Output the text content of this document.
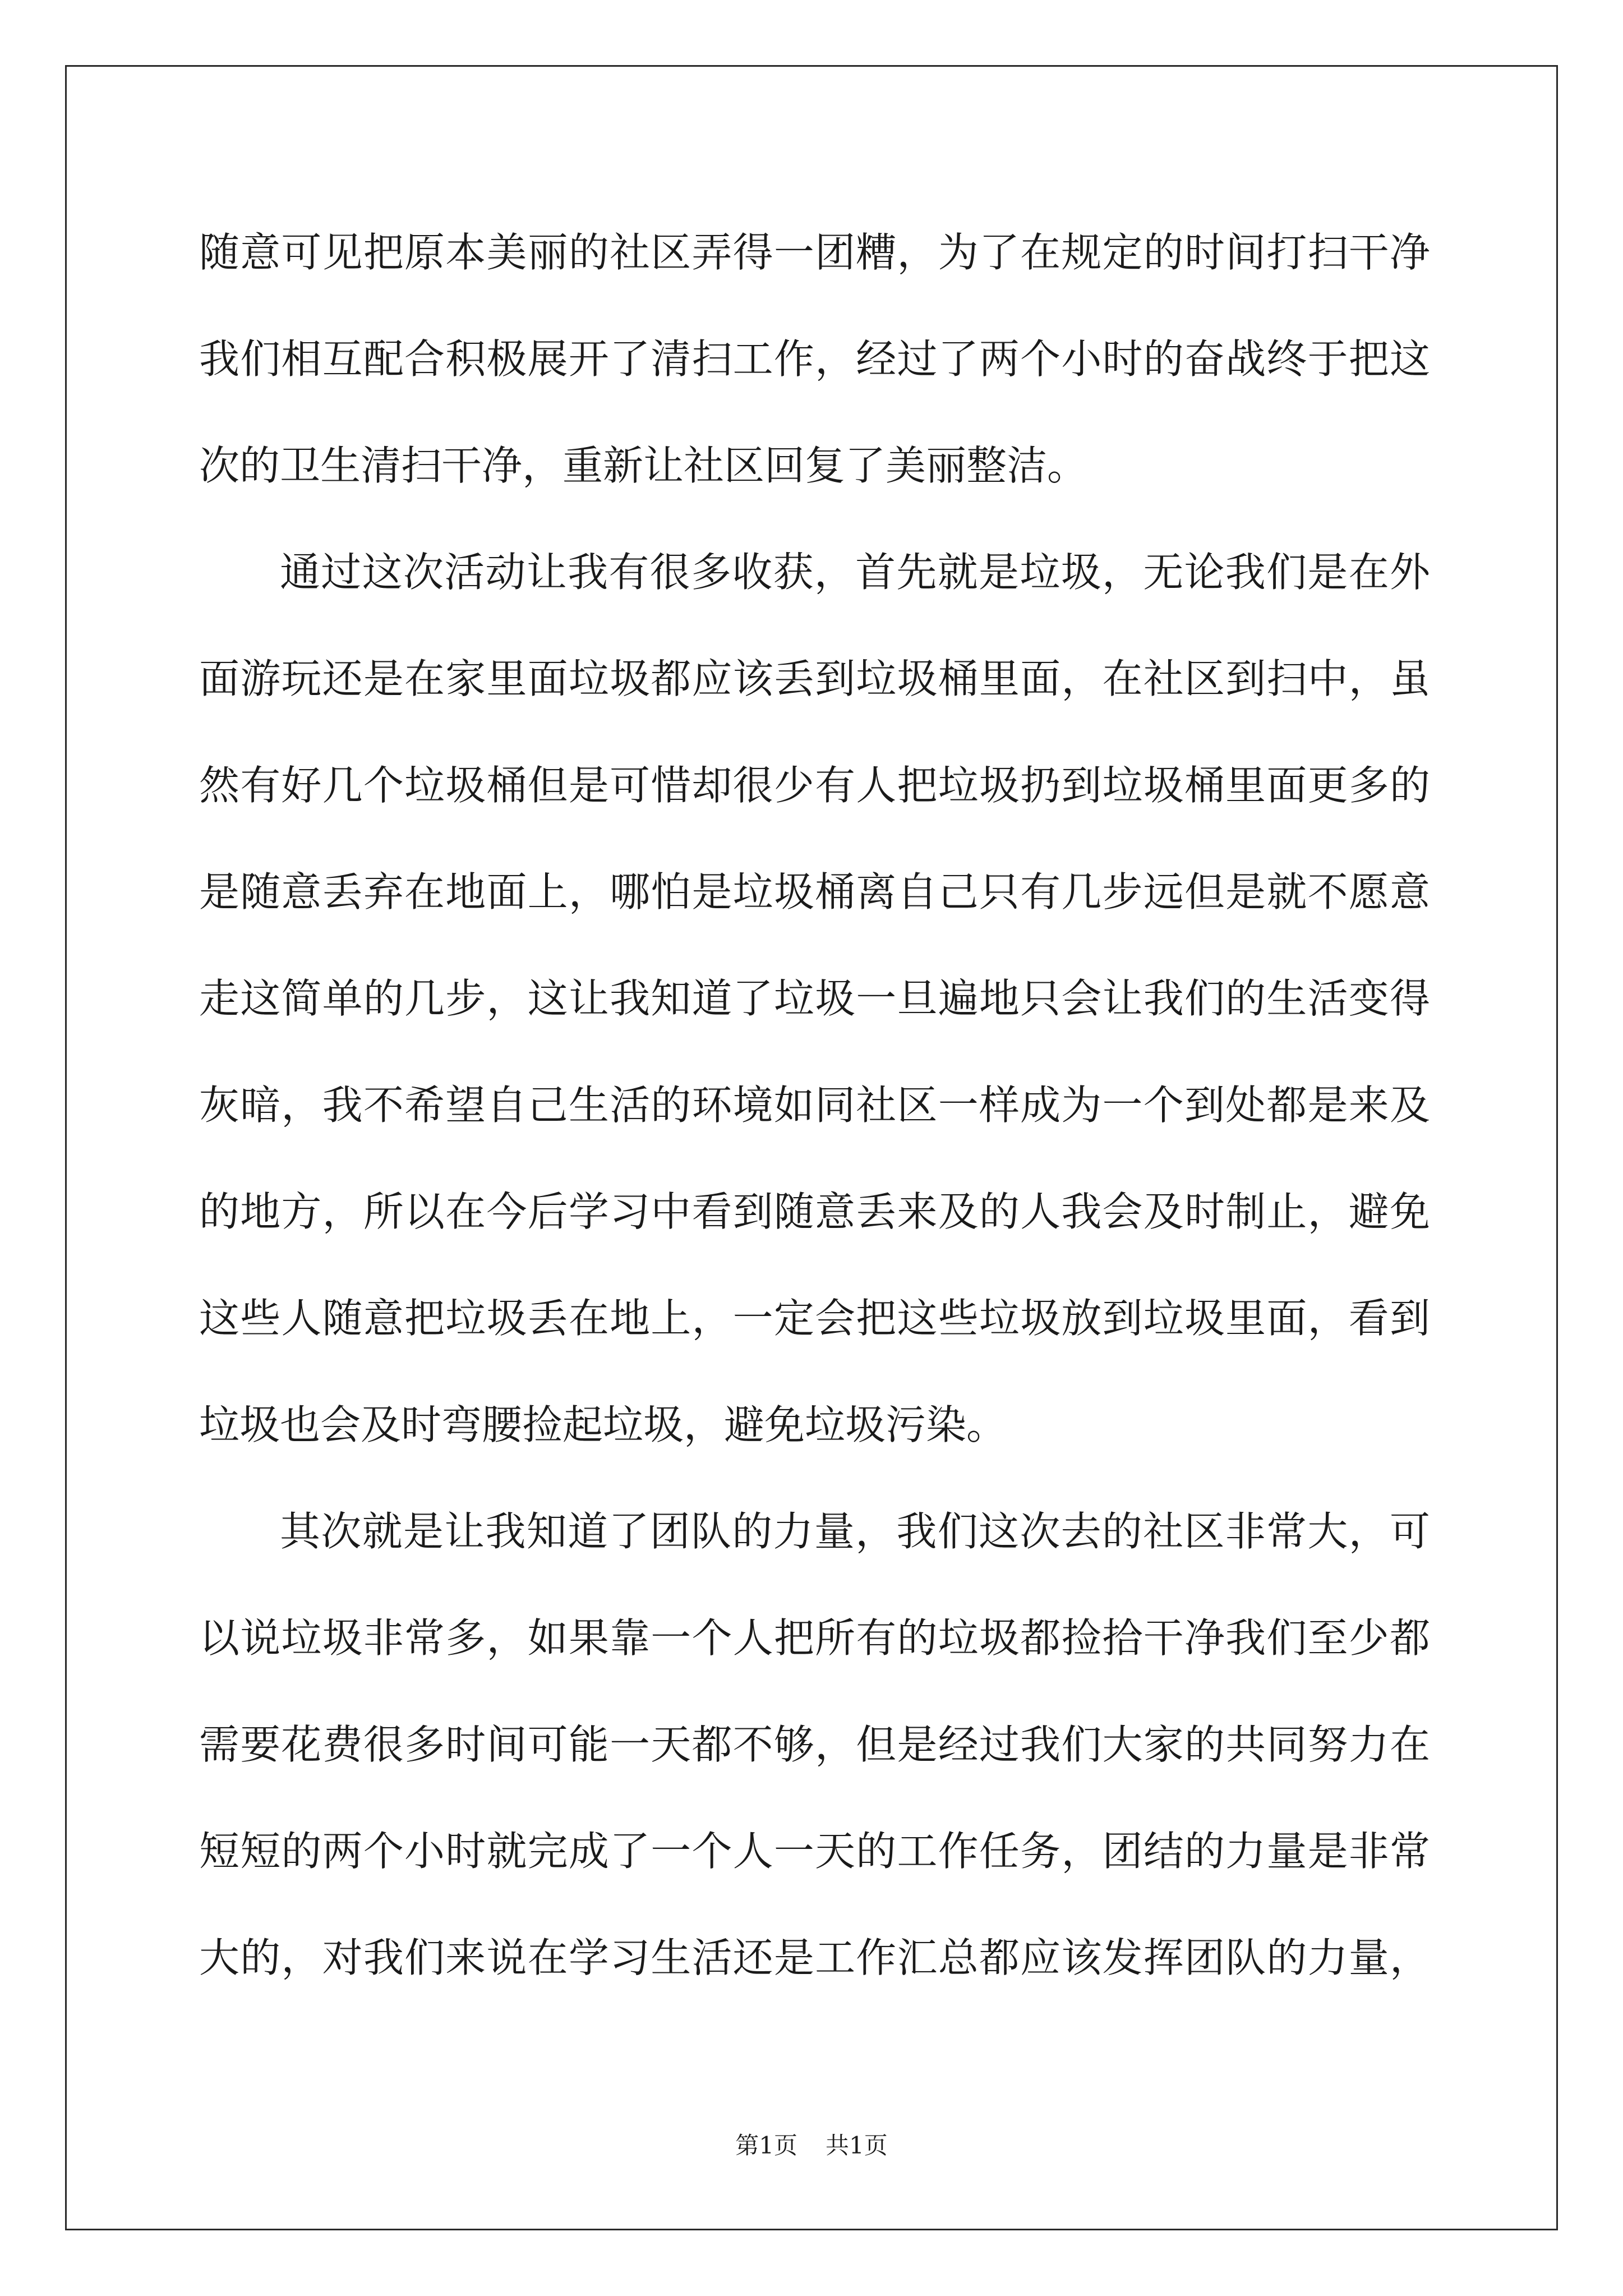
随意可见把原本美丽的社区弄得一团糟，为了在规定的时间打扫干净
我们相互配合积极展开了清扫工作，经过了两个小时的奋战终于把这
次的卫生清扫干净，重新让社区回复了美丽整洁。
通过这次活动让我有很多收获，首先就是垃圾，无论我们是在外
面游玩还是在家里面垃圾都应该丢到垃圾桶里面，在社区到扫中，虽
然有好几个垃圾桶但是可惜却很少有人把垃圾扔到垃圾桶里面更多的
是随意丢弃在地面上，哪怕是垃圾桶离自己只有几步远但是就不愿意
走这简单的几步，这让我知道了垃圾一旦遍地只会让我们的生活变得
灰暗，我不希望自己生活的环境如同社区一样成为一个到处都是来及
的地方，所以在今后学习中看到随意丢来及的人我会及时制止，避免
这些人随意把垃圾丢在地上，一定会把这些垃圾放到垃圾里面，看到
垃圾也会及时弯腰捡起垃圾，避免垃圾污染。
其次就是让我知道了团队的力量，我们这次去的社区非常大，可
以说垃圾非常多，如果靠一个人把所有的垃圾都捡拾干净我们至少都
需要花费很多时间可能一天都不够，但是经过我们大家的共同努力在
短短的两个小时就完成了一个人一天的工作任务，团结的力量是非常
大的，对我们来说在学习生活还是工作汇总都应该发挥团队的力量，
第1页 共1页
